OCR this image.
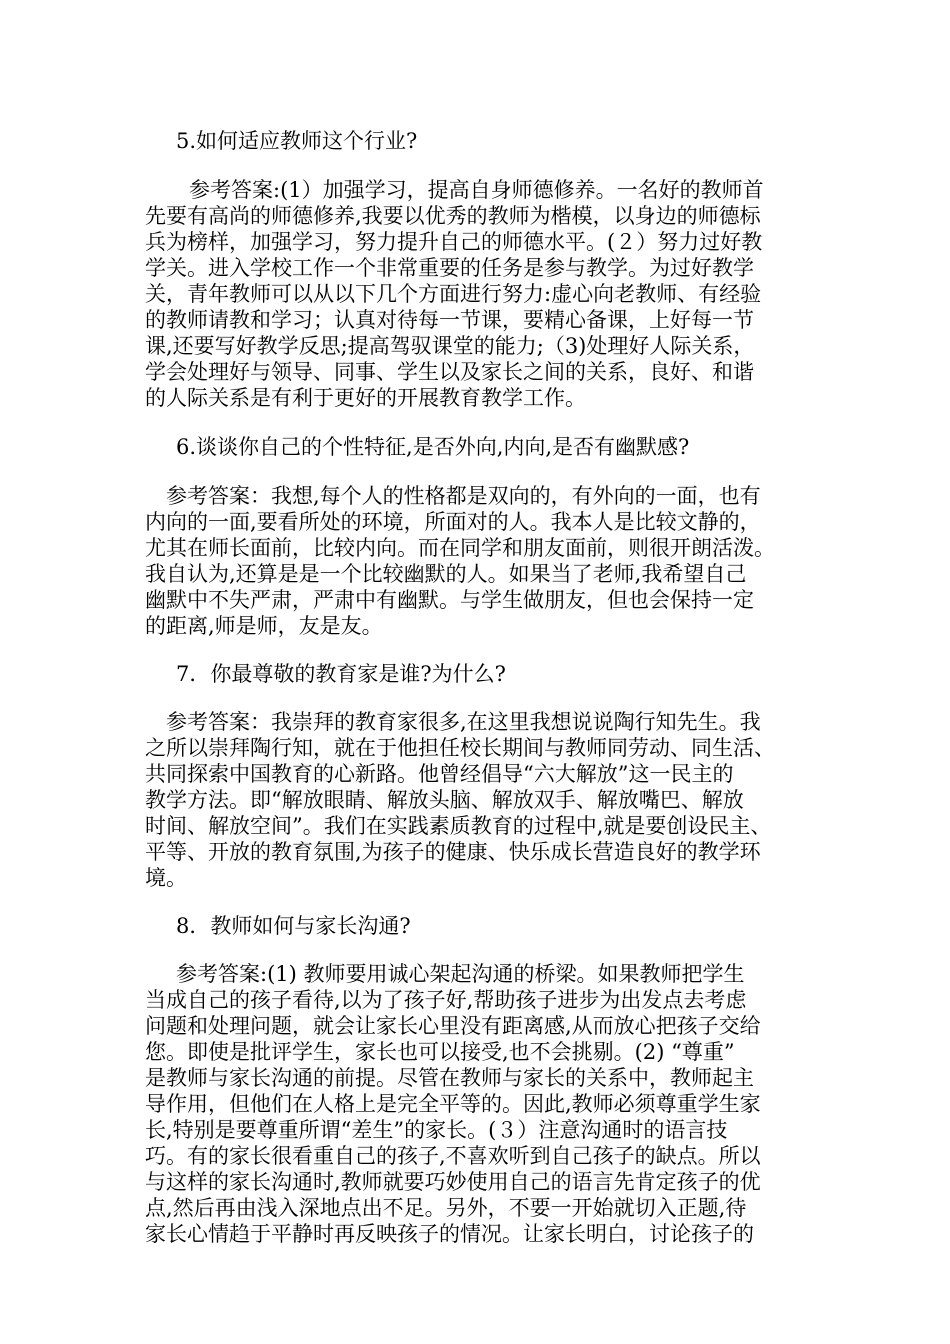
5.如何适应教师这个行业?
参考答案:(1）加强学习，提高自身师德修养。一名好的教师首
先要有高尚的师德修养,我要以优秀的教师为楷模，以身边的师德标
兵为榜样，加强学习，努力提升自己的师德水平。(２）努力过好教
学关。进入学校工作一个非常重要的任务是参与教学。为过好教学
关，青年教师可以从以下几个方面进行努力:虚心向老教师、有经验
的教师请教和学习；认真对待每一节课，要精心备课，上好每一节
课,还要写好教学反思;提高驾驭课堂的能力;（3)处理好人际关系，
学会处理好与领导、同事、学生以及家长之间的关系，良好、和谐
的人际关系是有利于更好的开展教育教学工作。
6.谈谈你自己的个性特征,是否外向,内向,是否有幽默感?
参考答案：我想,每个人的性格都是双向的，有外向的一面，也有
内向的一面,要看所处的环境，所面对的人。我本人是比较文静的，
尤其在师长面前，比较内向。而在同学和朋友面前，则很开朗活泼。
我自认为,还算是是一个比较幽默的人。如果当了老师,我希望自己
幽默中不失严肃，严肃中有幽默。与学生做朋友，但也会保持一定
的距离,师是师，友是友。
7．你最尊敬的教育家是谁?为什么?
参考答案：我崇拜的教育家很多,在这里我想说说陶行知先生。我
之所以崇拜陶行知，就在于他担任校长期间与教师同劳动、同生活、
共同探索中国教育的心新路。他曾经倡导“六大解放”这一民主的
教学方法。即“解放眼睛、解放头脑、解放双手、解放嘴巴、解放
时间、解放空间”。我们在实践素质教育的过程中,就是要创设民主、
平等、开放的教育氛围,为孩子的健康、快乐成长营造良好的教学环
境。
8．教师如何与家长沟通?
参考答案:(1) 教师要用诚心架起沟通的桥梁。如果教师把学生
当成自己的孩子看待,以为了孩子好,帮助孩子进步为出发点去考虑
问题和处理问题，就会让家长心里没有距离感,从而放心把孩子交给
您。即使是批评学生，家长也可以接受,也不会挑剔。(2) “尊重”
是教师与家长沟通的前提。尽管在教师与家长的关系中，教师起主
导作用，但他们在人格上是完全平等的。因此,教师必须尊重学生家
长,特别是要尊重所谓“差生”的家长。(３）注意沟通时的语言技
巧。有的家长很看重自己的孩子,不喜欢听到自己孩子的缺点。所以
与这样的家长沟通时,教师就要巧妙使用自己的语言先肯定孩子的优
点,然后再由浅入深地点出不足。另外，不要一开始就切入正题,待
家长心情趋于平静时再反映孩子的情况。让家长明白，讨论孩子的
